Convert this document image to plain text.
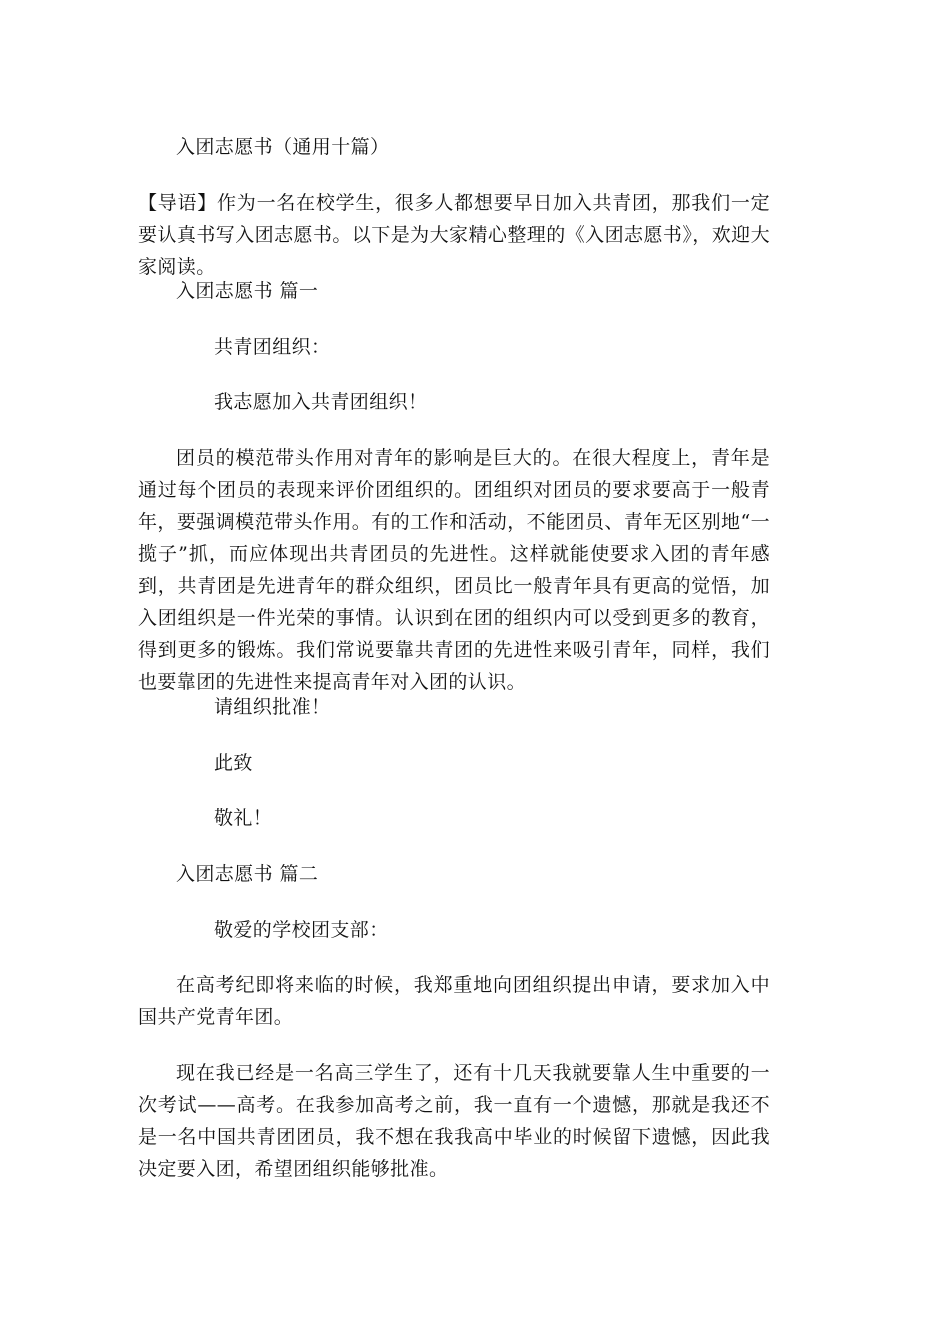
入团志愿书（通用十篇）

【导语】作为一名在校学生，很多人都想要早日加入共青团，那我们一定要认真书写入团志愿书。以下是为大家精心整理的《入团志愿书》，欢迎大家阅读。

入团志愿书 篇一

共青团组织：

我志愿加入共青团组织！

团员的模范带头作用对青年的影响是巨大的。在很大程度上，青年是通过每个团员的表现来评价团组织的。团组织对团员的要求要高于一般青年，要强调模范带头作用。有的工作和活动，不能团员、青年无区别地“一揽子”抓，而应体现出共青团员的先进性。这样就能使要求入团的青年感到，共青团是先进青年的群众组织，团员比一般青年具有更高的觉悟，加入团组织是一件光荣的事情。认识到在团的组织内可以受到更多的教育，得到更多的锻炼。我们常说要靠共青团的先进性来吸引青年，同样，我们也要靠团的先进性来提高青年对入团的认识。

请组织批准！

此致

敬礼！

入团志愿书 篇二

敬爱的学校团支部：

在高考纪即将来临的时候，我郑重地向团组织提出申请，要求加入中国共产党青年团。

现在我已经是一名高三学生了，还有十几天我就要靠人生中重要的一次考试——高考。在我参加高考之前，我一直有一个遗憾，那就是我还不是一名中国共青团团员，我不想在我我高中毕业的时候留下遗憾，因此我决定要入团，希望团组织能够批准。
